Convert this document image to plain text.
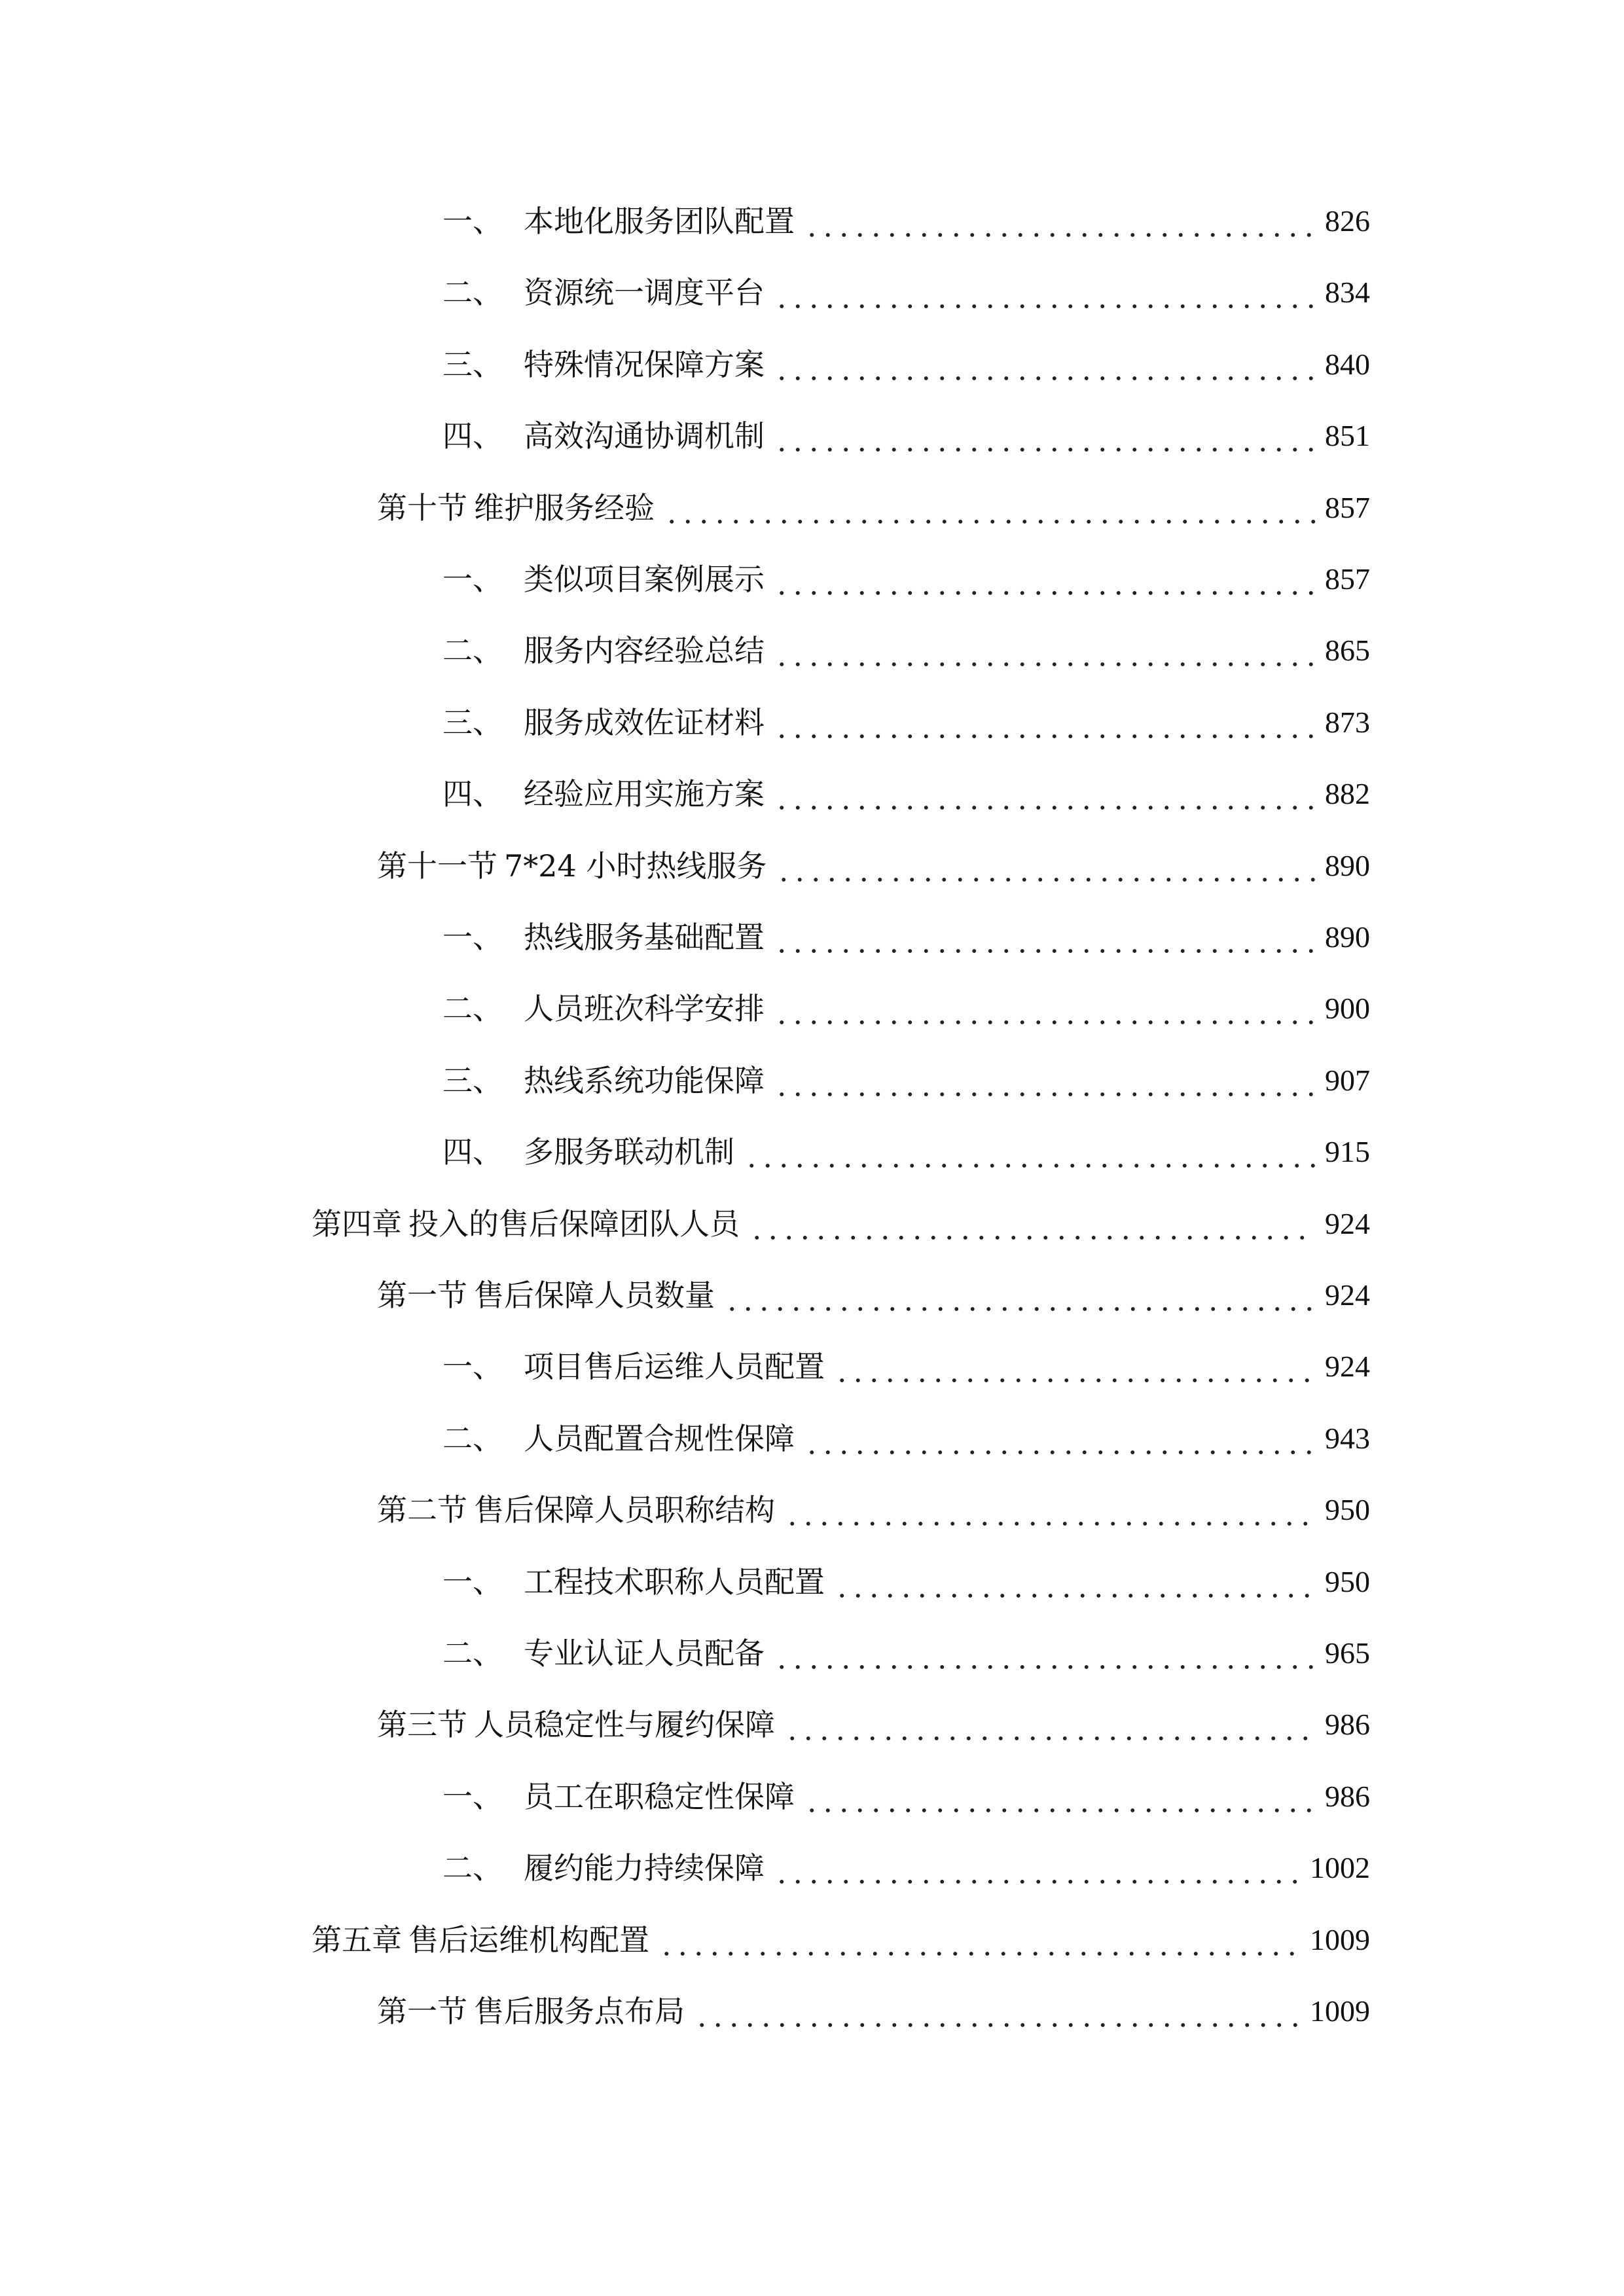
一、 本地化服务团队配置	826
二、 资源统一调度平台	834
三、 特殊情况保障方案	840
四、 高效沟通协调机制	851
第十节 维护服务经验	857
一、 类似项目案例展示	857
二、 服务内容经验总结	865
三、 服务成效佐证材料	873
四、 经验应用实施方案	882
第十一节 7*24 小时热线服务	890
一、 热线服务基础配置	890
二、 人员班次科学安排	900
三、 热线系统功能保障	907
四、 多服务联动机制	915
第四章 投入的售后保障团队人员	924
第一节 售后保障人员数量	924
一、 项目售后运维人员配置	924
二、 人员配置合规性保障	943
第二节 售后保障人员职称结构	950
一、 工程技术职称人员配置	950
二、 专业认证人员配备	965
第三节 人员稳定性与履约保障	986
一、 员工在职稳定性保障	986
二、 履约能力持续保障	1002
第五章 售后运维机构配置	1009
第一节 售后服务点布局	1009
